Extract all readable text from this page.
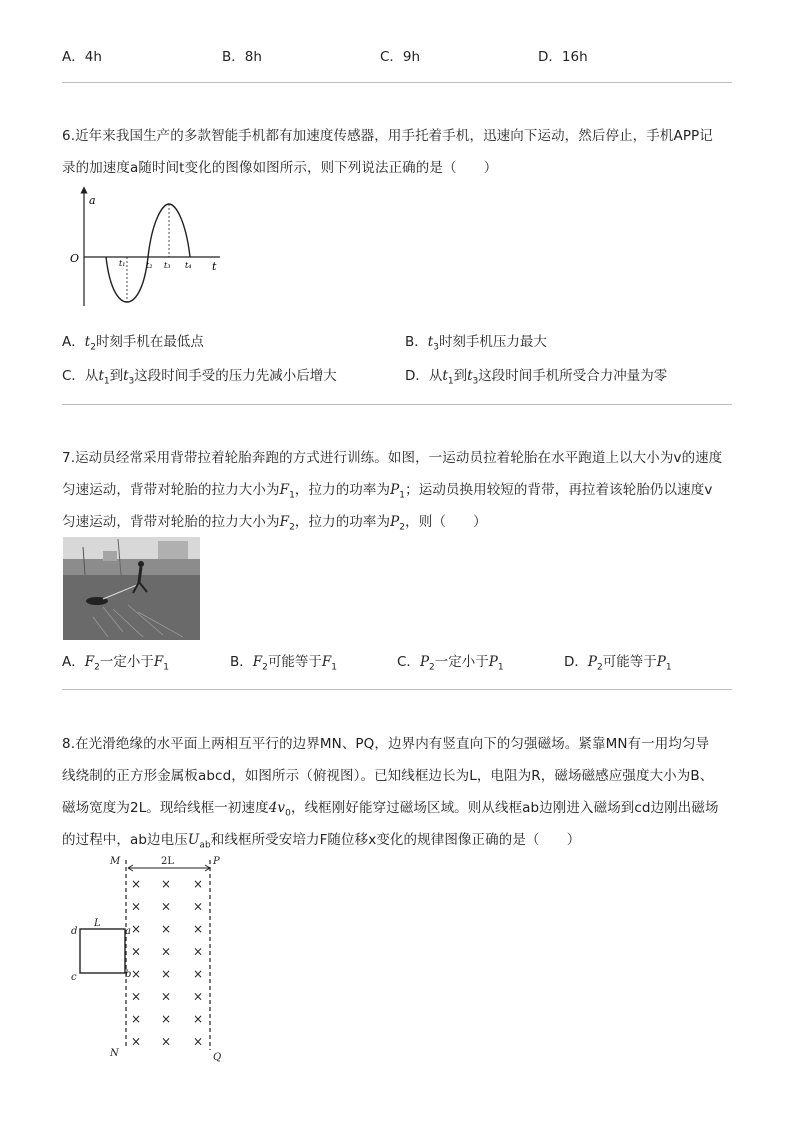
A．4h	B．8h	C．9h	D．16h
6.近年来我国生产的多款智能手机都有加速度传感器，用手托着手机，迅速向下运动，然后停止，手机APP记
录的加速度a随时间t变化的图像如图所示，则下列说法正确的是（　　）
a
t
O	t₁	t₂ t₃ t₄
A．$t_2$时刻手机在最低点	B．$t_3$时刻手机压力最大
C．从$t_1$到$t_3$这段时间手受的压力先减小后增大	D．从$t_1$到$t_3$这段时间手机所受合力冲量为零
7.运动员经常采用背带拉着轮胎奔跑的方式进行训练。如图，一运动员拉着轮胎在水平跑道上以大小为v的速度
匀速运动，背带对轮胎的拉力大小为$F_1$，拉力的功率为$P_1$；运动员换用较短的背带，再拉着该轮胎仍以速度v
匀速运动，背带对轮胎的拉力大小为$F_2$，拉力的功率为$P_2$，则（　　）
A．$F_2$一定小于$F_1$	B．$F_2$可能等于$F_1$	C．$P_2$一定小于$P_1$	D．$P_2$可能等于$P_1$
8.在光滑绝缘的水平面上两相互平行的边界MN、PQ，边界内有竖直向下的匀强磁场。紧靠MN有一用均匀导
线绕制的正方形金属板abcd，如图所示（俯视图）。已知线框边长为L，电阻为R，磁场磁感应强度大小为B、
磁场宽度为2L。现给线框一初速度$4v_0$，线框刚好能穿过磁场区域。则从线框ab边刚进入磁场到cd边刚出磁场
的过程中，ab边电压$U_{ab}$和线框所受安培力F随位移x变化的规律图像正确的是（　　）
M	P
N	Q
2L
L
d
c
a
b
× × ×
× × ×
× × ×
× × ×
× × ×
× × ×
× × ×
× × ×
